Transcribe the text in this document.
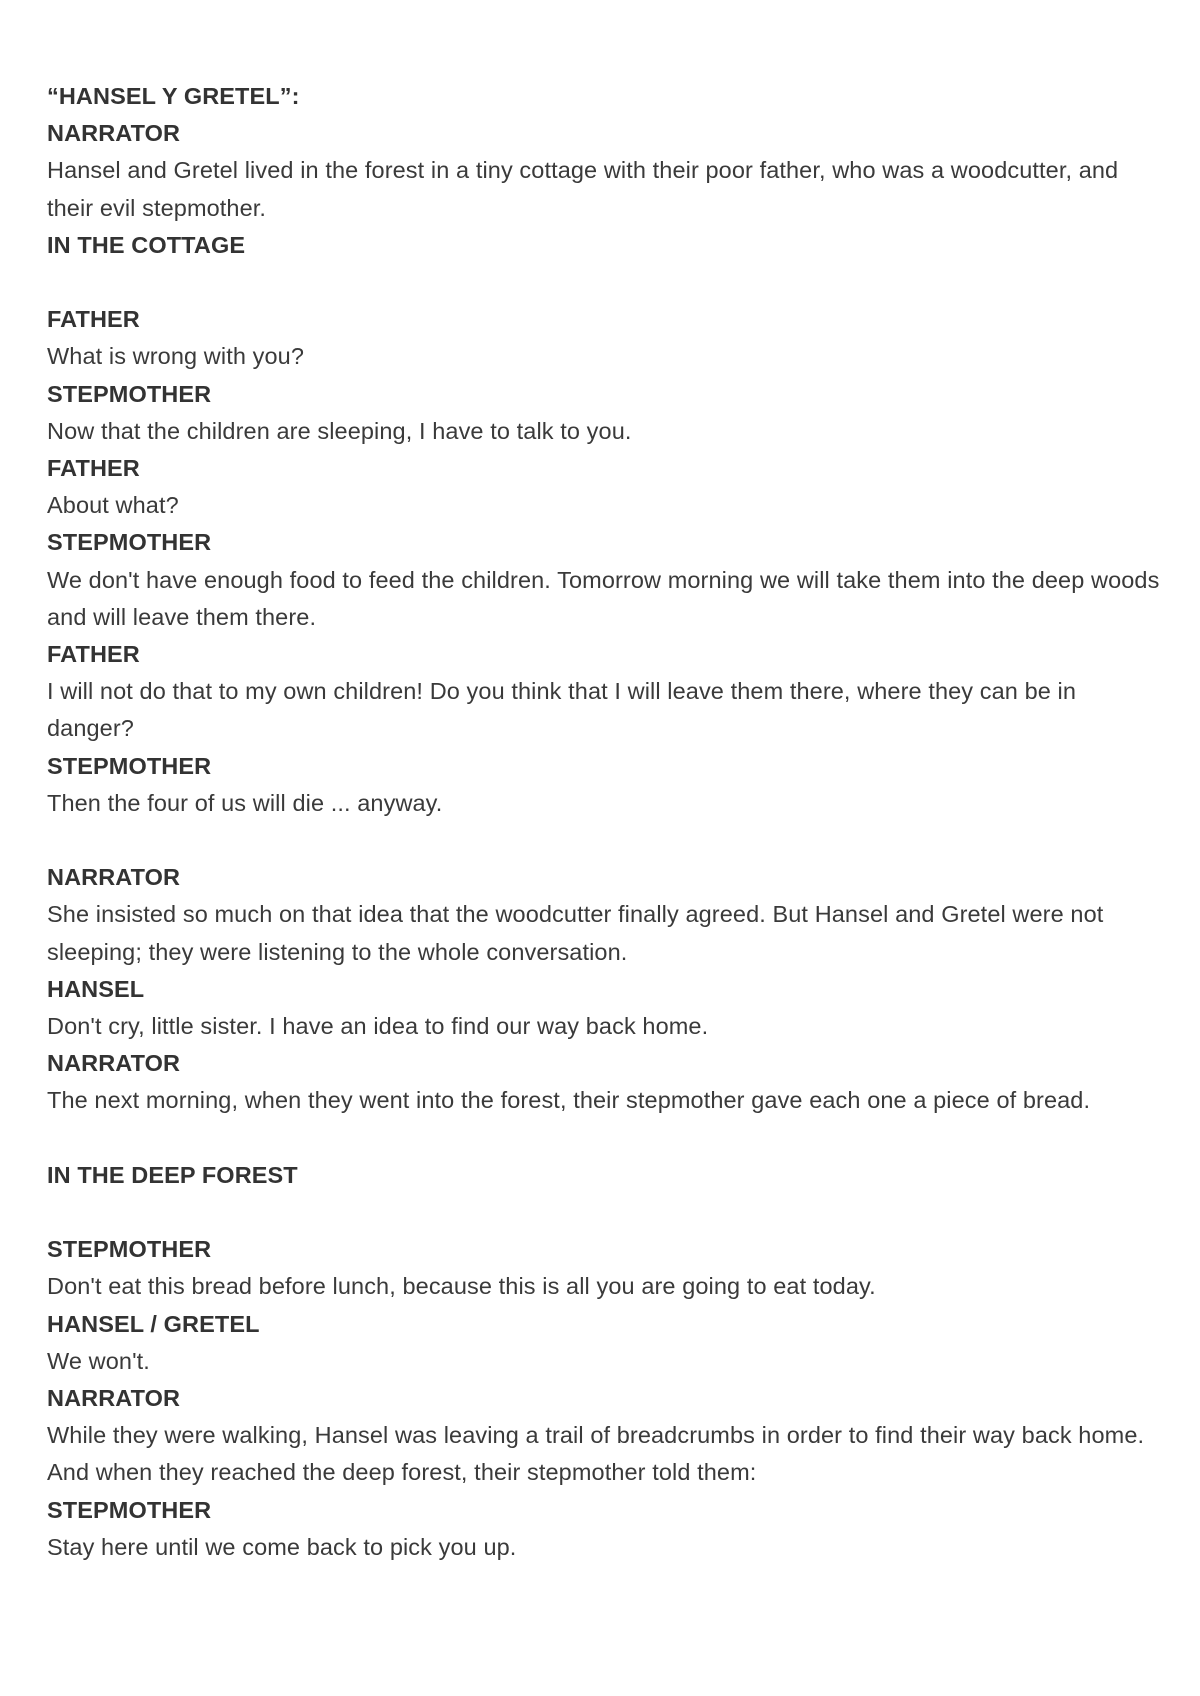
“HANSEL Y GRETEL”:

NARRATOR

Hansel and Gretel lived in the forest in a tiny cottage with their poor father, who was a woodcutter, and their evil stepmother.

IN THE COTTAGE

FATHER

What is wrong with you?

STEPMOTHER

Now that the children are sleeping, I have to talk to you.

FATHER

About what?

STEPMOTHER

We don't have enough food to feed the children. Tomorrow morning we will take them into the deep woods and will leave them there.

FATHER

I will not do that to my own children! Do you think that I will leave them there, where they can be in danger?

STEPMOTHER

Then the four of us will die ... anyway.

NARRATOR

She insisted so much on that idea that the woodcutter finally agreed. But Hansel and Gretel were not sleeping; they were listening to the whole conversation.

HANSEL

Don't cry, little sister. I have an idea to find our way back home.

NARRATOR

The next morning, when they went into the forest, their stepmother gave each one a piece of bread.

IN THE DEEP FOREST

STEPMOTHER

Don't eat this bread before lunch, because this is all you are going to eat today.

HANSEL / GRETEL

We won't.

NARRATOR

While they were walking, Hansel was leaving a trail of breadcrumbs in order to find their way back home. And when they reached the deep forest, their stepmother told them:

STEPMOTHER

Stay here until we come back to pick you up.
